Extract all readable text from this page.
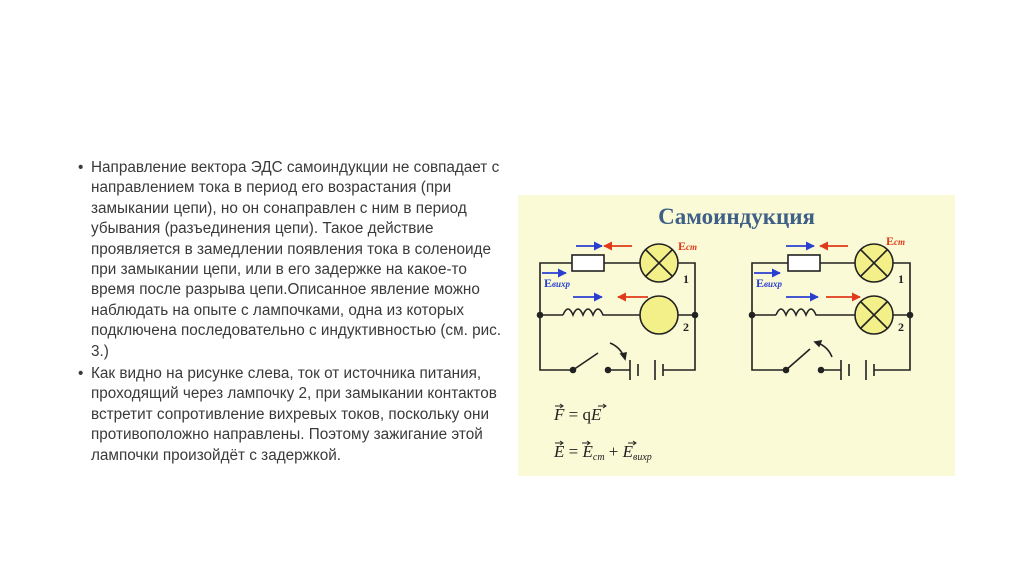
• Направление вектора ЭДС самоиндукции не совпадает с направлением тока в период его возрастания (при замыкании цепи), но он сонаправлен с ним в период убывания (разъединения цепи). Такое действие проявляется в замедлении появления тока в соленоиде при замыкании цепи, или в его задержке на какое-то время после разрыва цепи.Описанное явление можно наблюдать на опыте с лампочками, одна из которых подключена последовательно с индуктивностью (см. рис. 3.)
• Как видно на рисунке слева, ток от источника питания, проходящий через лампочку 2, при замыкании контактов встретит сопротивление вихревых токов, поскольку они противоположно направлены. Поэтому зажигание этой лампочки произойдёт с задержкой.
Самоиндукция
Eст
Eвихр	1
2
Eст
Eвихр	1
2
F = qE
E = Eст + Eвихр
